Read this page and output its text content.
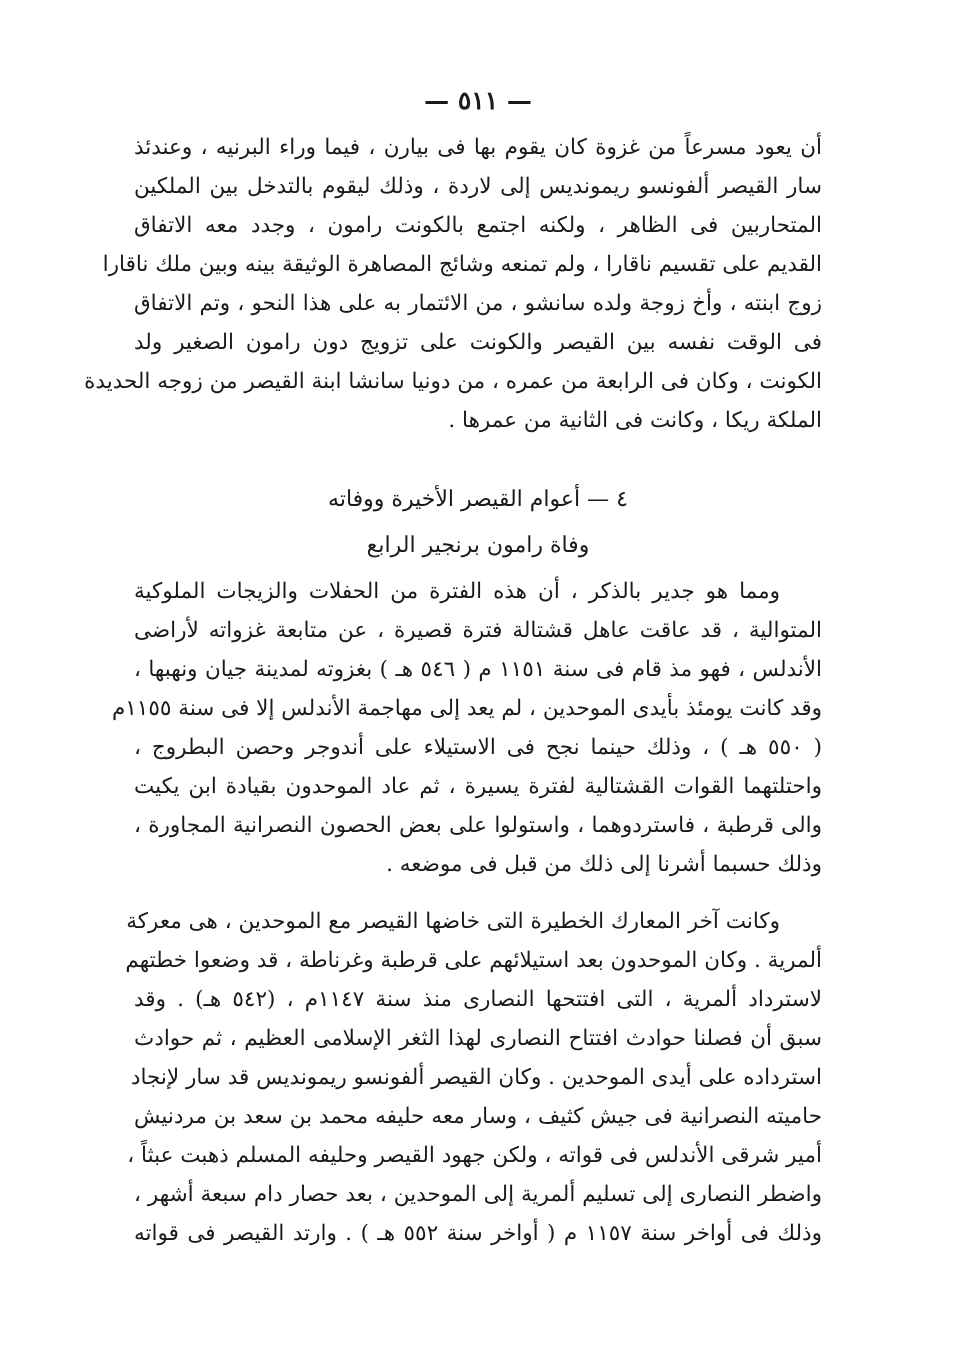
— ٥١١ —
أن يعود مسرعاً من غزوة كان يقوم بها فى بيارن ، فيما وراء البرنيه ، وعندئذ
سار القيصر ألفونسو ريمونديس إلى لاردة ، وذلك ليقوم بالتدخل بين الملكين
المتحاربين فى الظاهر ، ولكنه اجتمع بالكونت رامون ، وجدد معه الاتفاق
القديم على تقسيم ناقارا ، ولم تمنعه وشائج المصاهرة الوثيقة بينه وبين ملك ناقارا
زوج ابنته ، وأخ زوجة ولده سانشو ، من الائتمار به على هذا النحو ، وتم الاتفاق
فى الوقت نفسه بين القيصر والكونت على تزويج دون رامون الصغير ولد
الكونت ، وكان فى الرابعة من عمره ، من دونيا سانشا ابنة القيصر من زوجه الحديدة
الملكة ريكا ، وكانت فى الثانية من عمرها .
٤ — أعوام القيصر الأخيرة ووفاته
وفاة رامون برنجير الرابع
ومما هو جدير بالذكر ، أن هذه الفترة من الحفلات والزيجات الملوكية
المتوالية ، قد عاقت عاهل قشتالة فترة قصيرة ، عن متابعة غزواته لأراضى
الأندلس ، فهو مذ قام فى سنة ١١٥١ م ( ٥٤٦ هـ ) بغزوته لمدينة جيان ونهبها ،
وقد كانت يومئذ بأيدى الموحدين ، لم يعد إلى مهاجمة الأندلس إلا فى سنة ١١٥٥م
( ٥٥٠ هـ ) ، وذلك حينما نجح فى الاستيلاء على أندوجر وحصن البطروج ،
واحتلتهما القوات القشتالية لفترة يسيرة ، ثم عاد الموحدون بقيادة ابن يكيت
والى قرطبة ، فاستردوهما ، واستولوا على بعض الحصون النصرانية المجاورة ،
وذلك حسبما أشرنا إلى ذلك من قبل فى موضعه .
وكانت آخر المعارك الخطيرة التى خاضها القيصر مع الموحدين ، هى معركة
ألمرية . وكان الموحدون بعد استيلائهم على قرطبة وغرناطة ، قد وضعوا خطتهم
لاسترداد ألمرية ، التى افتتحها النصارى منذ سنة ١١٤٧م ، (٥٤٢ هـ) . وقد
سبق أن فصلنا حوادث افتتاح النصارى لهذا الثغر الإسلامى العظيم ، ثم حوادث
استرداده على أيدى الموحدين . وكان القيصر ألفونسو ريمونديس قد سار لإنجاد
حاميته النصرانية فى جيش كثيف ، وسار معه حليفه محمد بن سعد بن مردنيش
أمير شرقى الأندلس فى قواته ، ولكن جهود القيصر وحليفه المسلم ذهبت عبثاً ،
واضطر النصارى إلى تسليم ألمرية إلى الموحدين ، بعد حصار دام سبعة أشهر ،
وذلك فى أواخر سنة ١١٥٧ م ( أواخر سنة ٥٥٢ هـ ) . وارتد القيصر فى قواته
